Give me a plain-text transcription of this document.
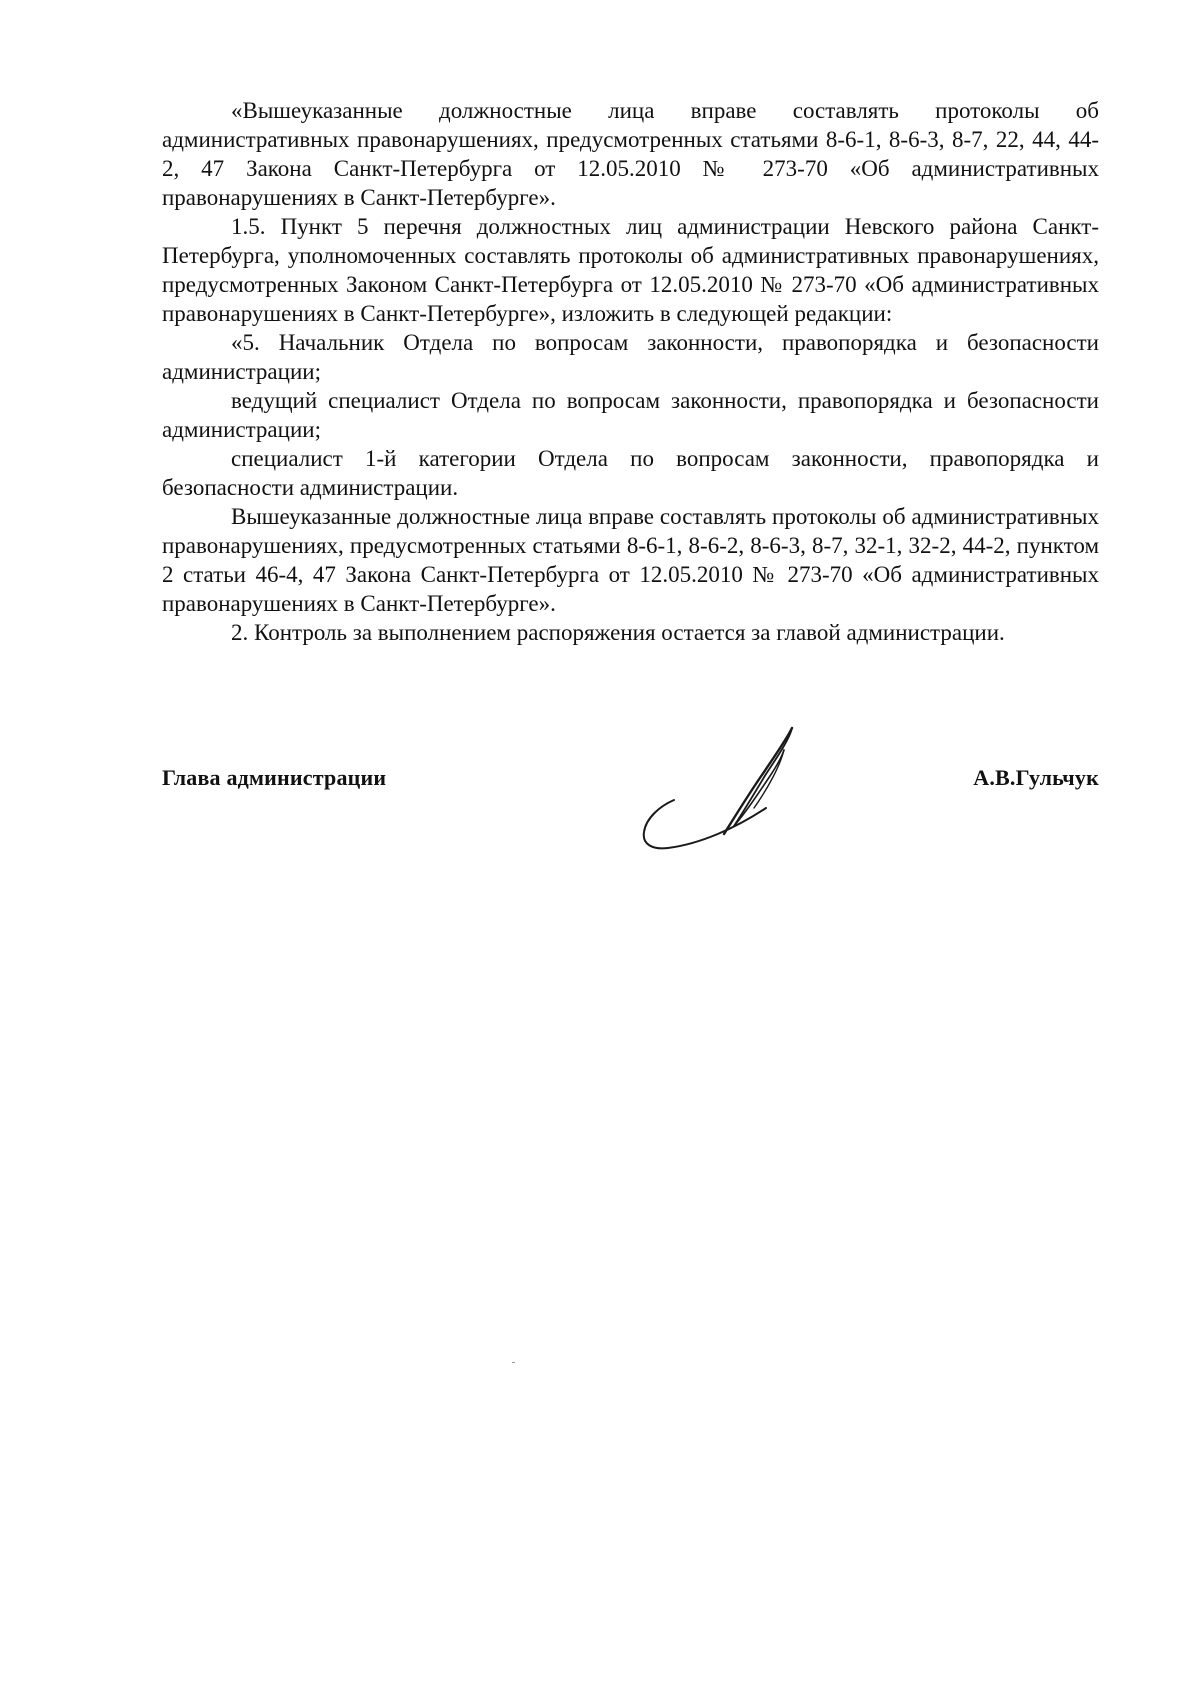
«Вышеуказанные должностные лица вправе составлять протоколы об административных правонарушениях, предусмотренных статьями 8-6-1, 8-6-3, 8-7, 22, 44, 44-2, 47 Закона Санкт-Петербурга от 12.05.2010 № 273-70 «Об административных правонарушениях в Санкт-Петербурге».

1.5. Пункт 5 перечня должностных лиц администрации Невского района Санкт-Петербурга, уполномоченных составлять протоколы об административных правонарушениях, предусмотренных Законом Санкт-Петербурга от 12.05.2010 № 273-70 «Об административных правонарушениях в Санкт-Петербурге», изложить в следующей редакции:

«5. Начальник Отдела по вопросам законности, правопорядка и безопасности администрации;

ведущий специалист Отдела по вопросам законности, правопорядка и безопасности администрации;

специалист 1-й категории Отдела по вопросам законности, правопорядка и безопасности администрации.

Вышеуказанные должностные лица вправе составлять протоколы об административных правонарушениях, предусмотренных статьями 8-6-1, 8-6-2, 8-6-3, 8-7, 32-1, 32-2, 44-2, пунктом 2 статьи 46-4, 47 Закона Санкт-Петербурга от 12.05.2010 № 273-70 «Об административных правонарушениях в Санкт-Петербурге».

2. Контроль за выполнением распоряжения остается за главой администрации.

Глава администрации	А.В.Гульчук
